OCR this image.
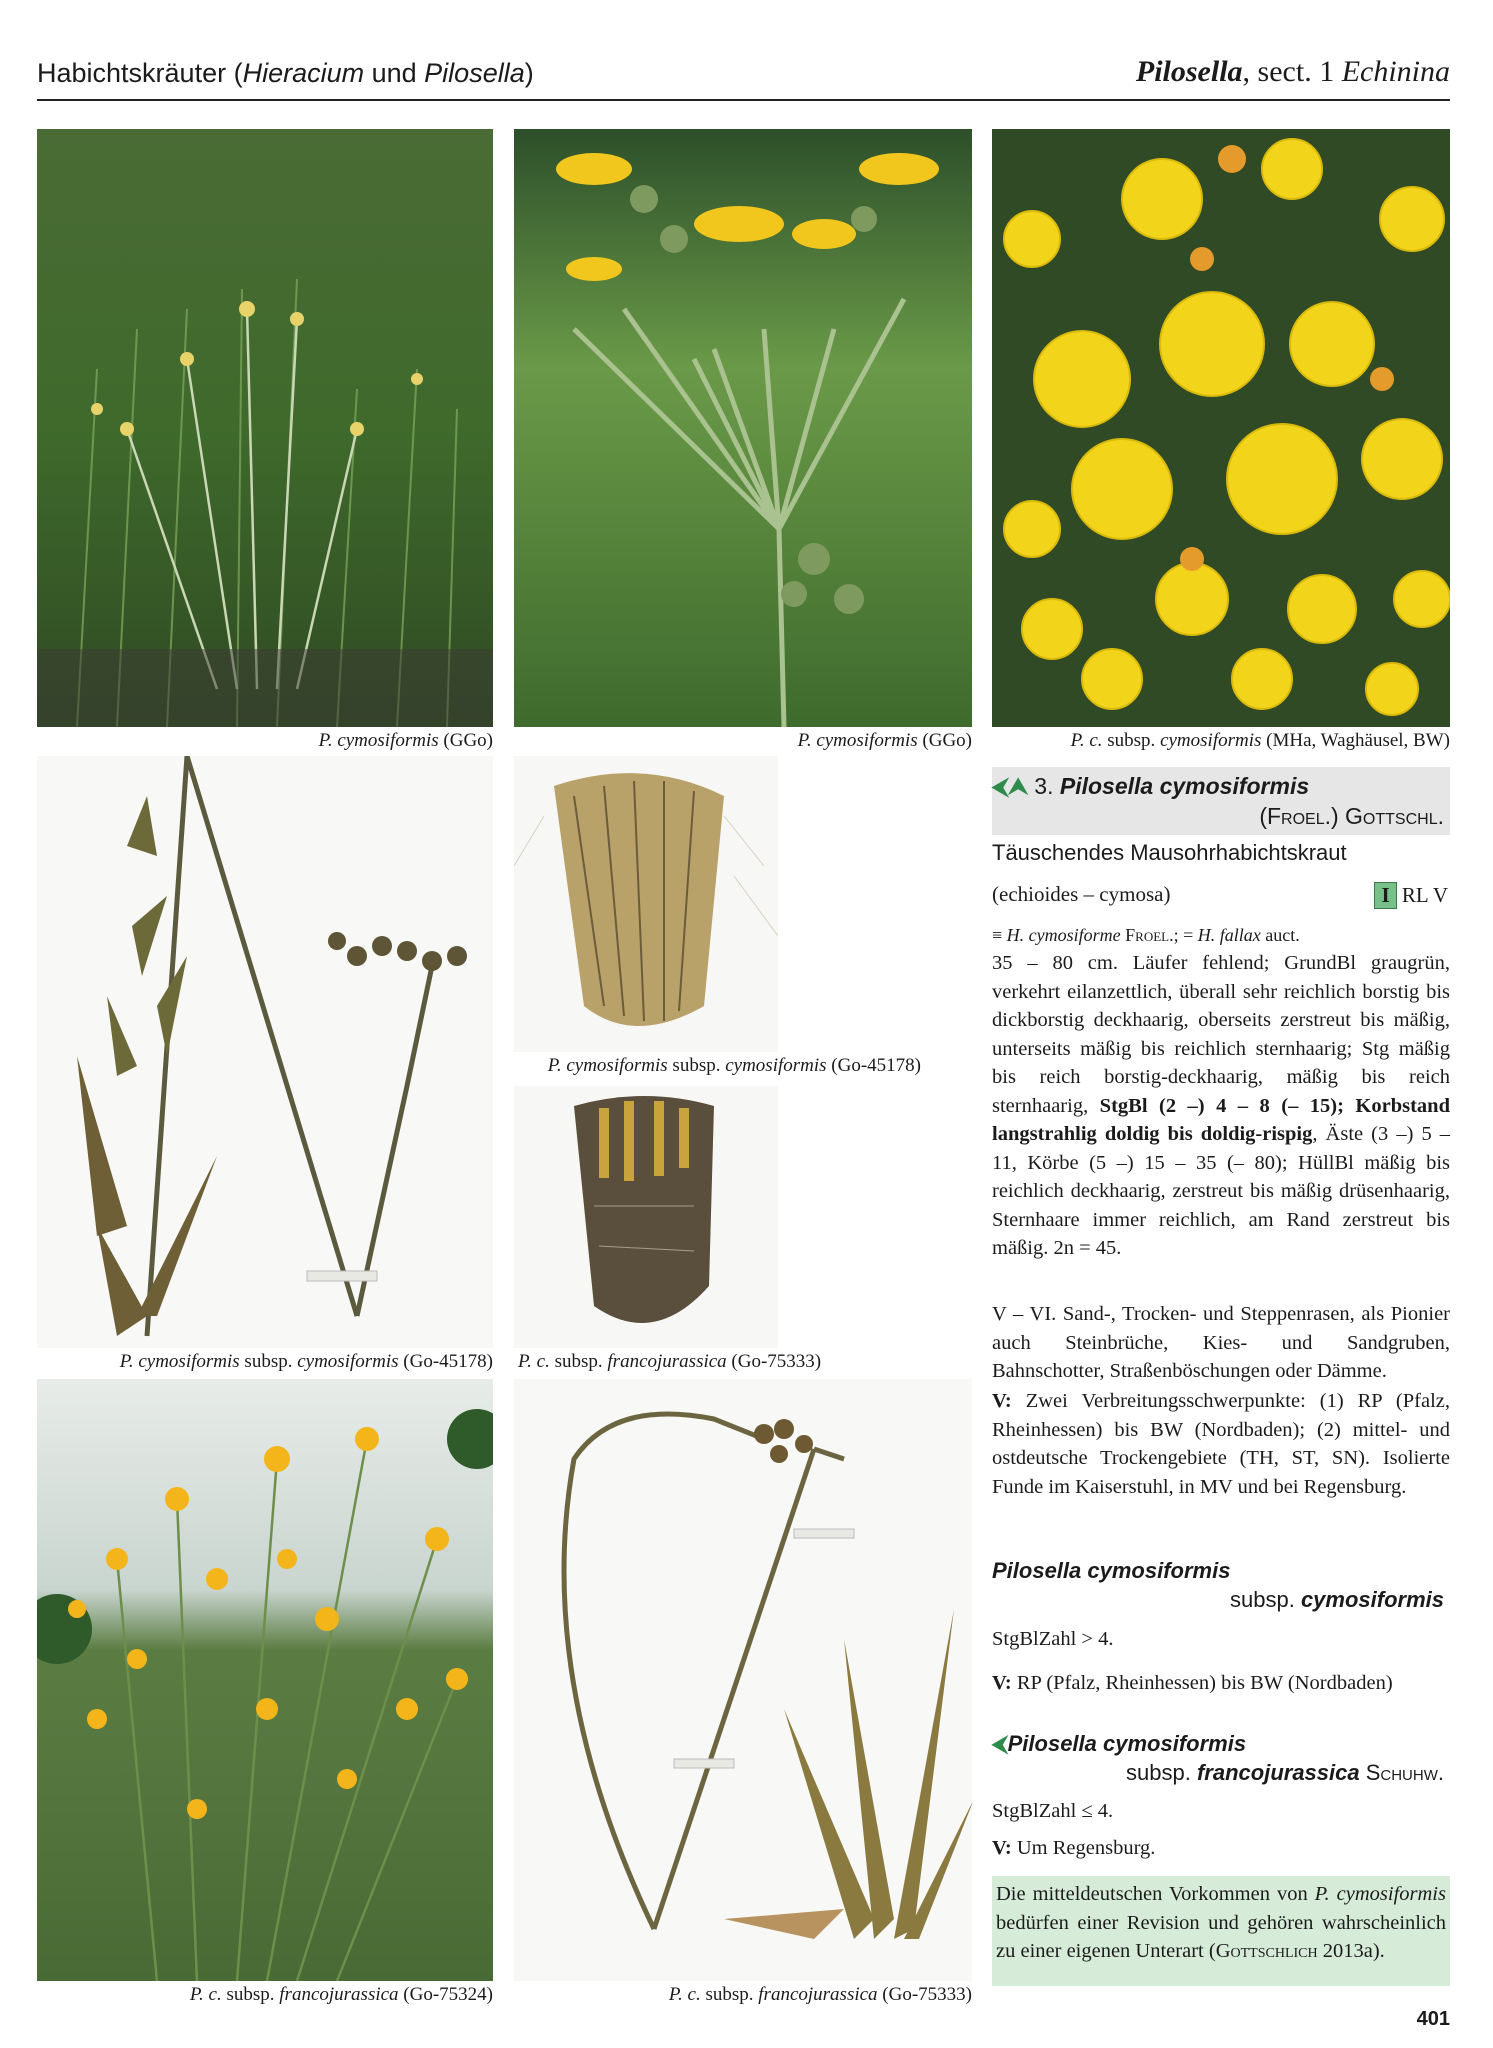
Habichtskräuter (Hieracium und Pilosella)	Pilosella, sect. 1 Echinina
P. cymosiformis (GGo)	P. cymosiformis (GGo)	P. c. subsp. cymosiformis (MHa, Waghäusel, BW)
P. cymosiformis subsp. cymosiformis (Go-45178)
P. cymosiformis subsp. cymosiformis (Go-45178)
P. c. subsp. francojurassica (Go-75333)
P. c. subsp. francojurassica (Go-75324)	P. c. subsp. francojurassica (Go-75333)
⮜⮝ 3. Pilosella cymosiformis
(Froel.) Gottschl.
Täuschendes Mausohrhabichtskraut
(echioides – cymosa)	I RL V
≡ H. cymosiforme Froel.; = H. fallax auct.
35 – 80 cm. Läufer fehlend; GrundBl graugrün, verkehrt eilanzettlich, überall sehr reichlich borstig bis dickborstig deckhaarig, oberseits zerstreut bis mäßig, unterseits mäßig bis reichlich sternhaarig; Stg mäßig bis reich borstig-deckhaarig, mäßig bis reich sternhaarig, StgBl (2 –) 4 – 8 (– 15); Korbstand langstrahlig doldig bis doldig-rispig, Äste (3 –) 5 – 11, Körbe (5 –) 15 – 35 (– 80); HüllBl mäßig bis reichlich deckhaarig, zerstreut bis mäßig drüsenhaarig, Sternhaare immer reichlich, am Rand zerstreut bis mäßig. 2n = 45.
V – VI. Sand-, Trocken- und Steppenrasen, als Pionier auch Steinbrüche, Kies- und Sandgruben, Bahnschotter, Straßenböschungen oder Dämme.
V: Zwei Verbreitungsschwerpunkte: (1) RP (Pfalz, Rheinhessen) bis BW (Nordbaden); (2) mittel- und ostdeutsche Trockengebiete (TH, ST, SN). Isolierte Funde im Kaiserstuhl, in MV und bei Regensburg.
Pilosella cymosiformis
subsp. cymosiformis
StgBlZahl > 4.
V: RP (Pfalz, Rheinhessen) bis BW (Nordbaden)
⮜Pilosella cymosiformis
subsp. francojurassica Schuhw.
StgBlZahl ≤ 4.
V: Um Regensburg.
Die mitteldeutschen Vorkommen von P. cymosiformis bedürfen einer Revision und gehören wahrscheinlich zu einer eigenen Unterart (Gottschlich 2013a).
401
